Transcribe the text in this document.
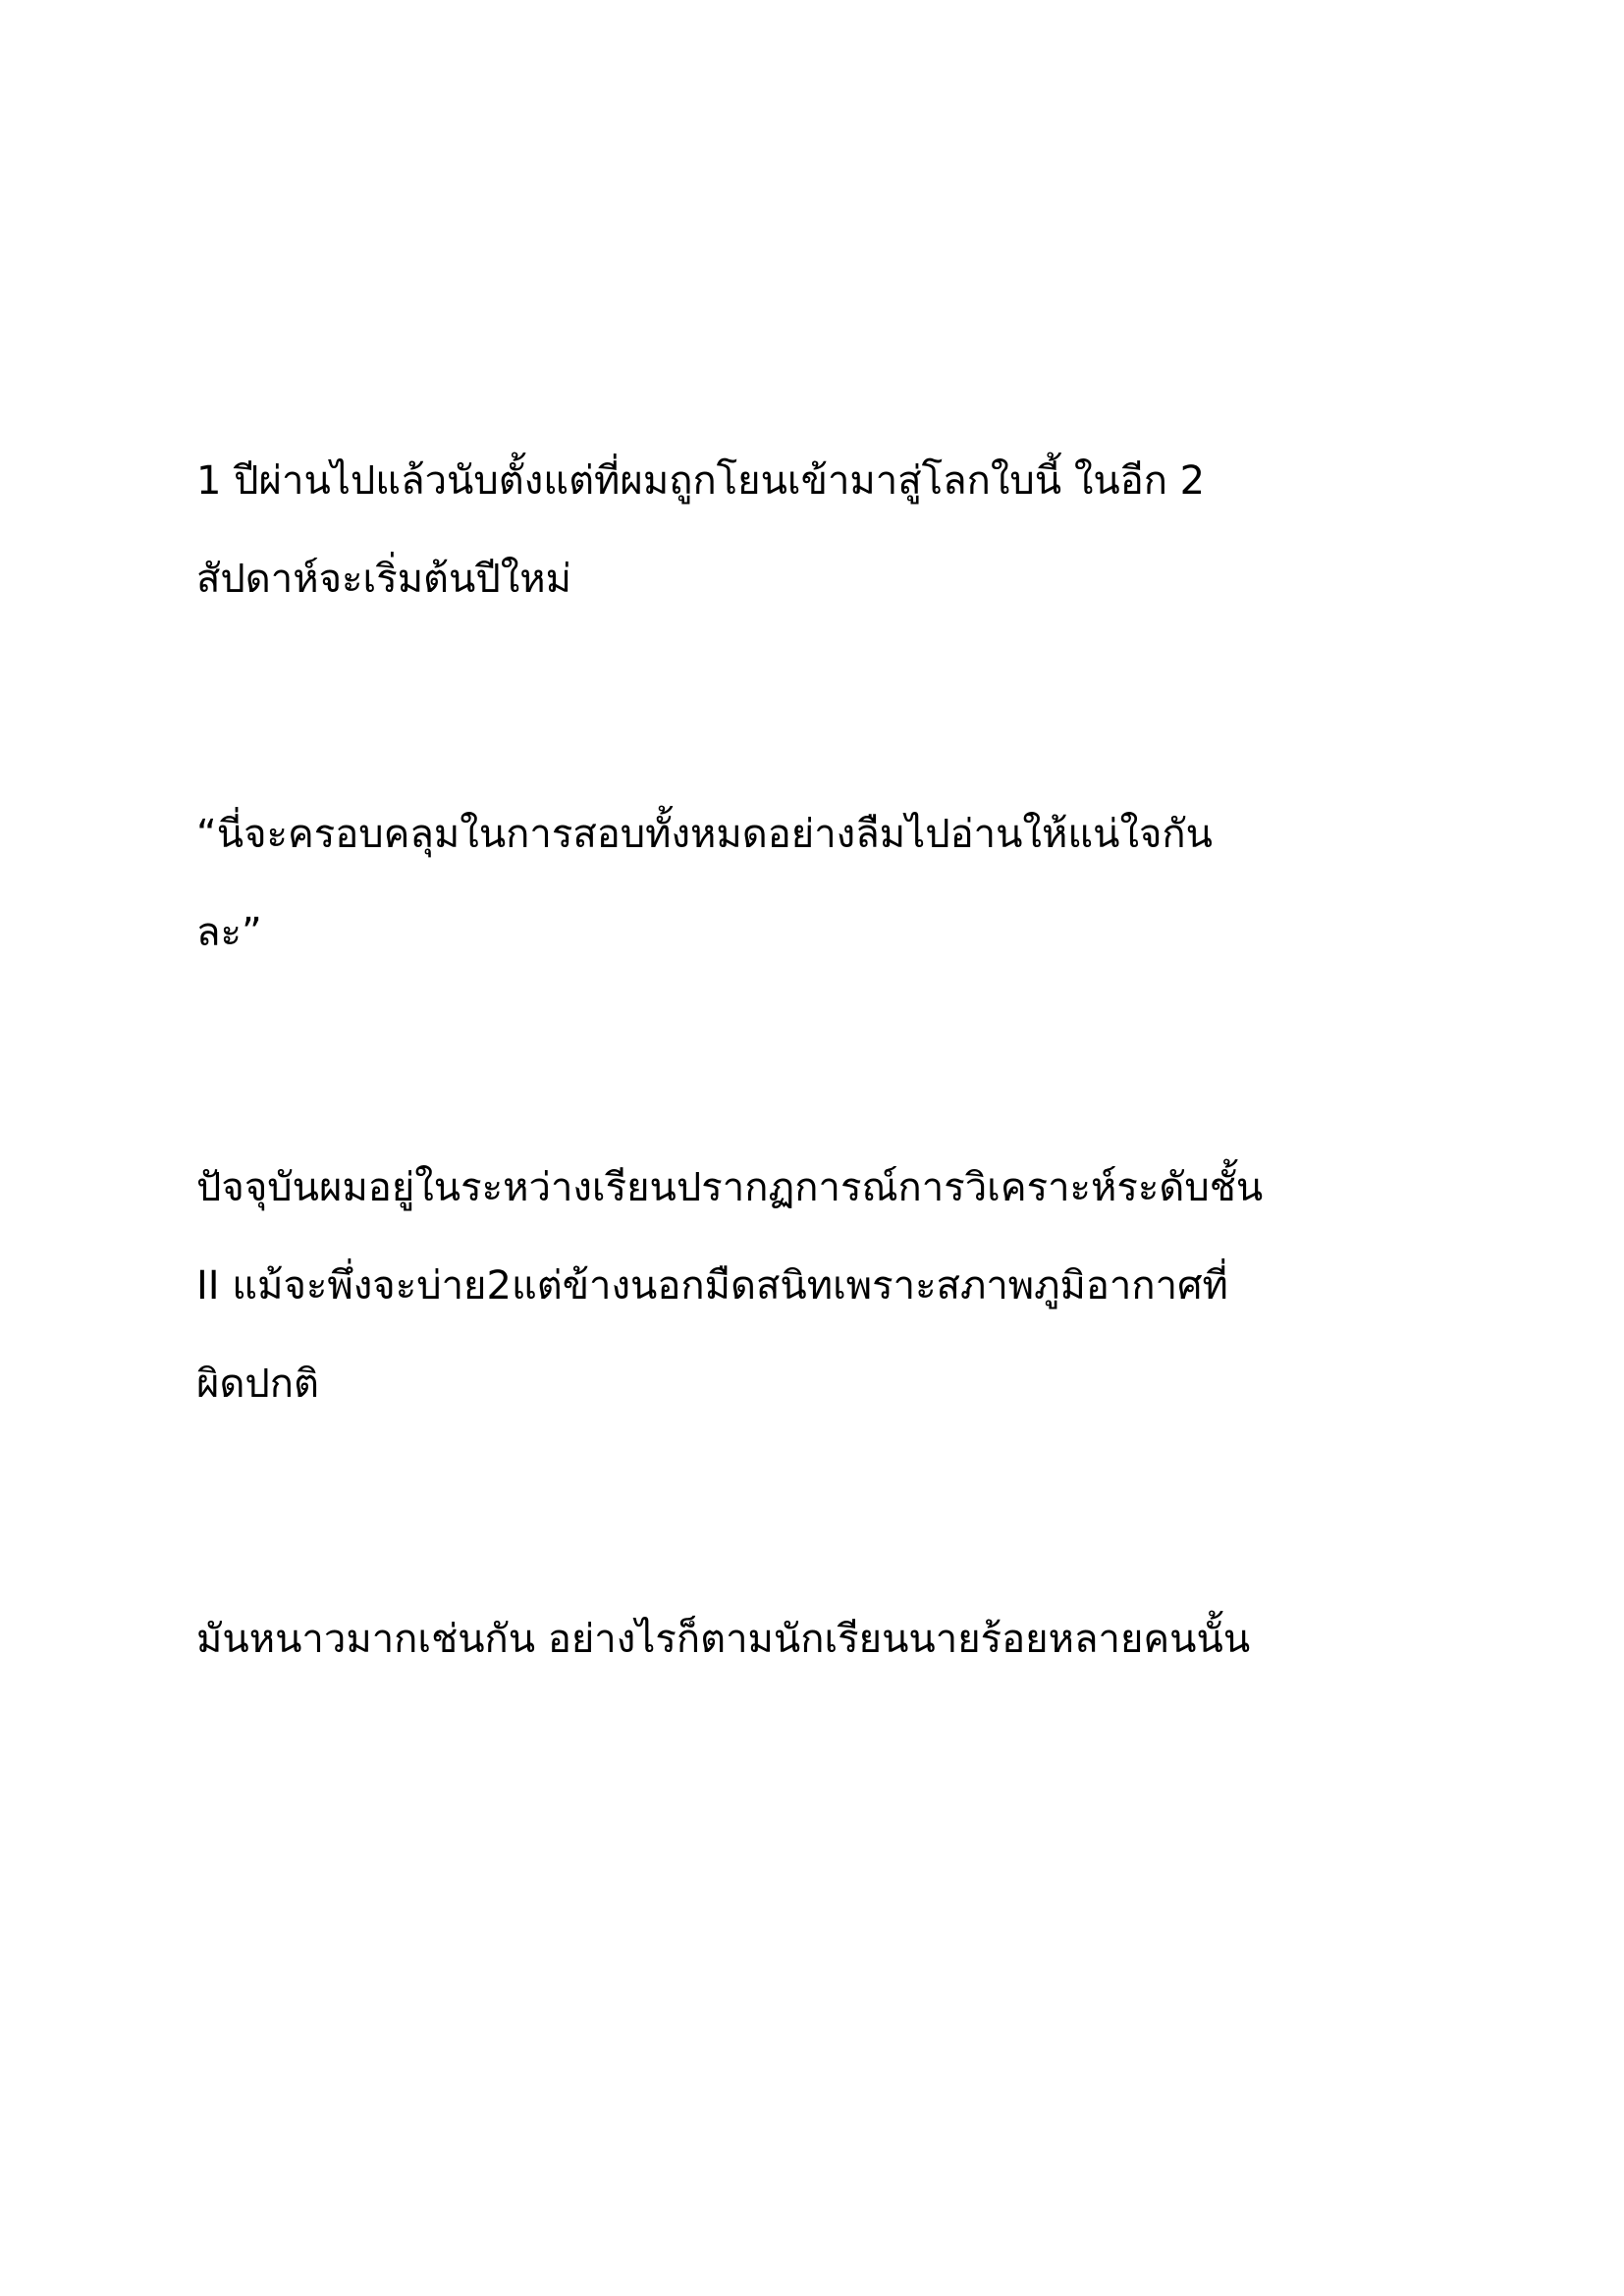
1 ปีผ่านไปแล้วนับตั้งแต่ที่ผมถูกโยนเข้ามาสู่โลกใบนี้ ในอีก 2
สัปดาห์จะเริ่มต้นปีใหม่
“นี่จะครอบคลุมในการสอบทั้งหมดอย่างลืมไปอ่านให้แน่ใจกัน
ละ”
ปัจจุบันผมอยู่ในระหว่างเรียนปรากฏการณ์การวิเคราะห์ระดับชั้น
II แม้จะพึ่งจะบ่าย2แต่ข้างนอกมืดสนิทเพราะสภาพภูมิอากาศที่
ผิดปกติ
มันหนาวมากเช่นกัน อย่างไรก็ตามนักเรียนนายร้อยหลายคนนั้น
